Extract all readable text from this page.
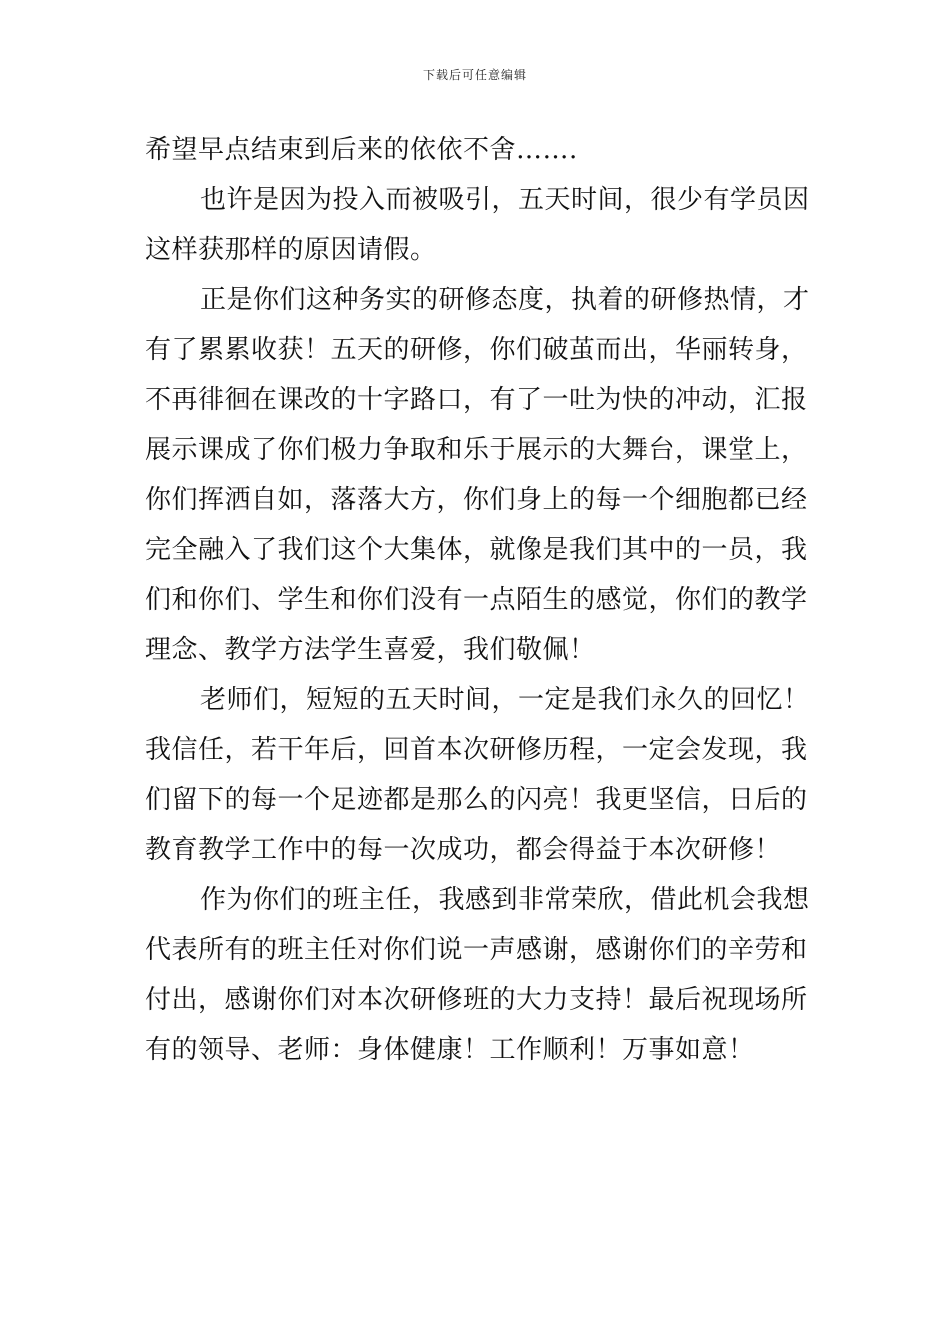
下载后可任意编辑
希望早点结束到后来的依依不舍…….
也许是因为投入而被吸引，五天时间，很少有学员因
这样获那样的原因请假。
正是你们这种务实的研修态度，执着的研修热情，才
有了累累收获！五天的研修，你们破茧而出，华丽转身，
不再徘徊在课改的十字路口，有了一吐为快的冲动，汇报
展示课成了你们极力争取和乐于展示的大舞台，课堂上，
你们挥洒自如，落落大方，你们身上的每一个细胞都已经
完全融入了我们这个大集体，就像是我们其中的一员，我
们和你们、学生和你们没有一点陌生的感觉，你们的教学
理念、教学方法学生喜爱，我们敬佩！
老师们，短短的五天时间，一定是我们永久的回忆！
我信任，若干年后，回首本次研修历程，一定会发现，我
们留下的每一个足迹都是那么的闪亮！我更坚信，日后的
教育教学工作中的每一次成功，都会得益于本次研修！
作为你们的班主任，我感到非常荣欣，借此机会我想
代表所有的班主任对你们说一声感谢，感谢你们的辛劳和
付出，感谢你们对本次研修班的大力支持！最后祝现场所
有的领导、老师：身体健康！工作顺利！万事如意！
